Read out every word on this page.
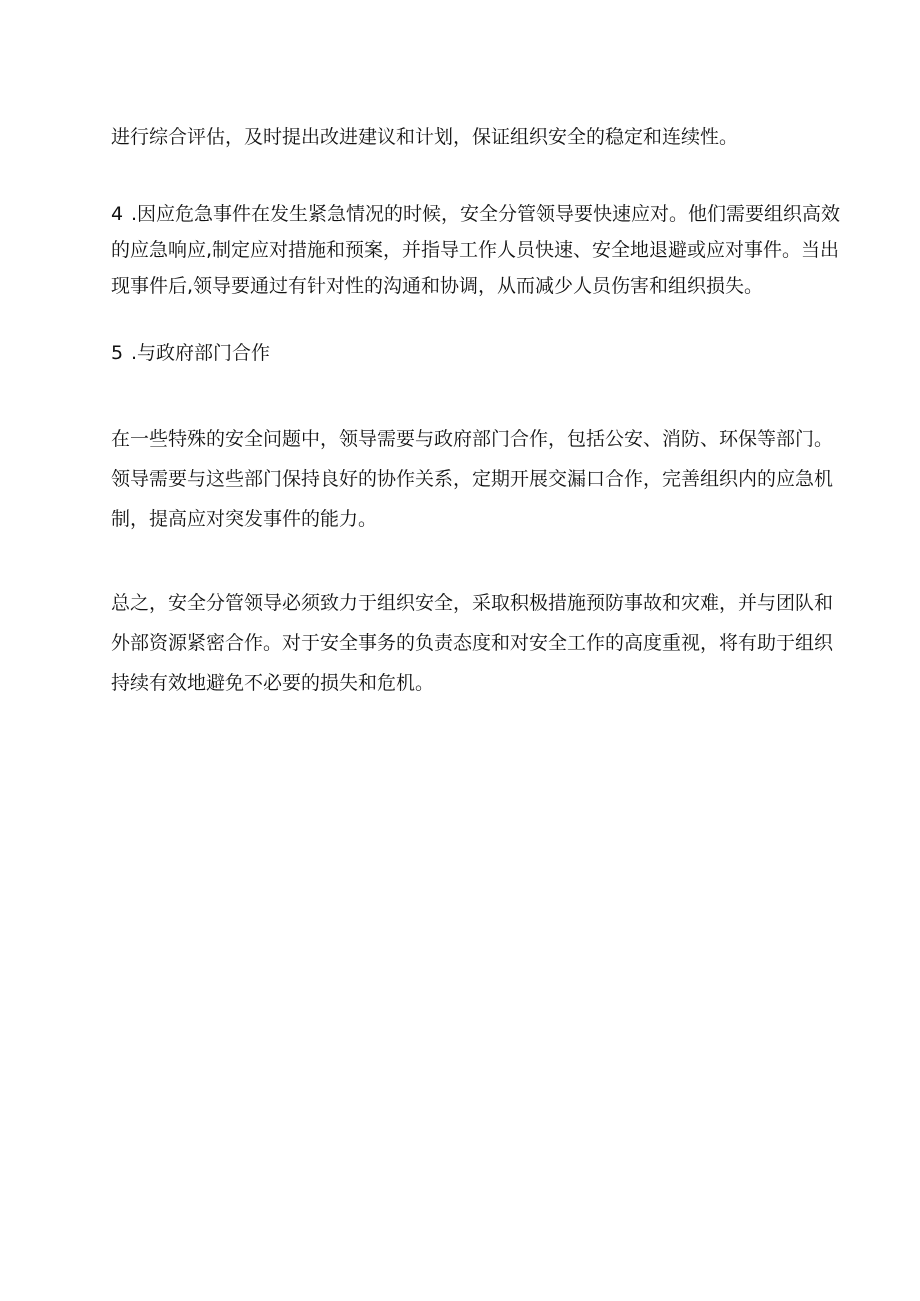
进行综合评估，及时提出改进建议和计划，保证组织安全的稳定和连续性。
4 .因应危急事件在发生紧急情况的时候，安全分管领导要快速应对。他们需要组织高效
的应急响应,制定应对措施和预案，并指导工作人员快速、安全地退避或应对事件。当出
现事件后,领导要通过有针对性的沟通和协调，从而减少人员伤害和组织损失。
5 .与政府部门合作
在一些特殊的安全问题中，领导需要与政府部门合作，包括公安、消防、环保等部门。
领导需要与这些部门保持良好的协作关系，定期开展交漏口合作，完善组织内的应急机
制，提高应对突发事件的能力。
总之，安全分管领导必须致力于组织安全，采取积极措施预防事故和灾难，并与团队和
外部资源紧密合作。对于安全事务的负责态度和对安全工作的高度重视，将有助于组织
持续有效地避免不必要的损失和危机。
